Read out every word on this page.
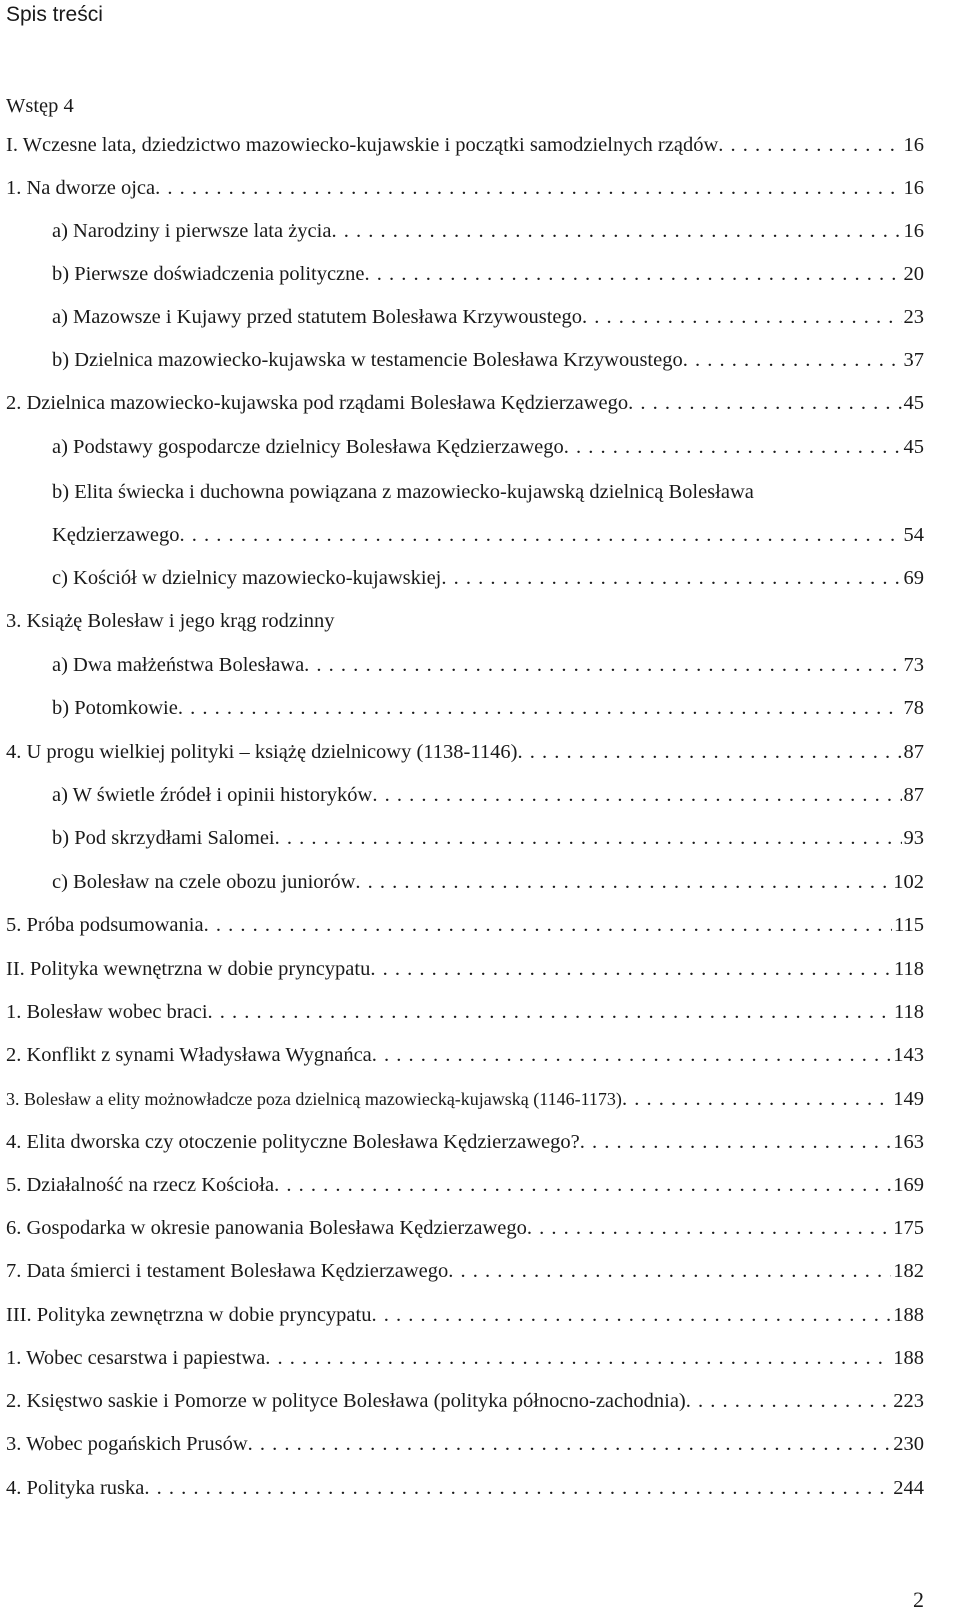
Spis treści
Wstęp 4
I. Wczesne lata, dziedzictwo mazowiecko-kujawskie i początki samodzielnych rządów . . .	16
1. Na dworze ojca . . .	16
a) Narodziny i pierwsze lata życia . . .	16
b) Pierwsze doświadczenia polityczne . . .	20
a) Mazowsze i Kujawy przed statutem Bolesława Krzywoustego . . .	23
b) Dzielnica mazowiecko-kujawska w testamencie Bolesława Krzywoustego . . .	37
2. Dzielnica mazowiecko-kujawska pod rządami Bolesława Kędzierzawego . . .	45
a) Podstawy gospodarcze dzielnicy Bolesława Kędzierzawego . . .	45
b) Elita świecka i duchowna powiązana z mazowiecko-kujawską dzielnicą Bolesława
Kędzierzawego . . .	54
c) Kościół w dzielnicy mazowiecko-kujawskiej . . .	69
3. Książę Bolesław i jego krąg rodzinny
a) Dwa małżeństwa Bolesława . . .	73
b) Potomkowie . . .	78
4. U progu wielkiej polityki – książę dzielnicowy (1138-1146) . . .	87
a) W świetle źródeł i opinii historyków . . .	87
b) Pod skrzydłami Salomei . . .	93
c) Bolesław na czele obozu juniorów . . .	102
5. Próba podsumowania . . .	115
II. Polityka wewnętrzna w dobie pryncypatu . . .	118
1. Bolesław wobec braci . . .	118
2. Konflikt z synami Władysława Wygnańca . . .	143
3. Bolesław a elity możnowładcze poza dzielnicą mazowiecką-kujawską (1146-1173) . . .	149
4. Elita dworska czy otoczenie polityczne Bolesława Kędzierzawego? . . .	163
5. Działalność na rzecz Kościoła . . .	169
6. Gospodarka w okresie panowania Bolesława Kędzierzawego . . .	175
7. Data śmierci i testament Bolesława Kędzierzawego . . .	182
III. Polityka zewnętrzna w dobie pryncypatu . . .	188
1. Wobec cesarstwa i papiestwa . . .	188
2. Księstwo saskie i Pomorze w polityce Bolesława (polityka północno-zachodnia) . . .	223
3. Wobec pogańskich Prusów . . .	230
4. Polityka ruska . . .	244
2
